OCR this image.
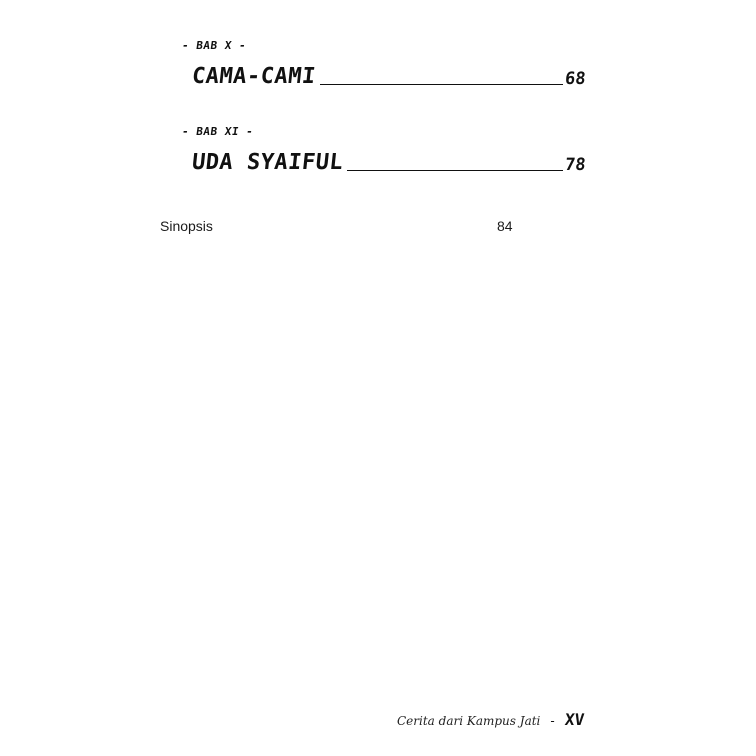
- BAB X -
CAMA-CAMI	68
- BAB XI -
UDA SYAIFUL	78
Sinopsis	84
Cerita dari Kampus Jati - XV
